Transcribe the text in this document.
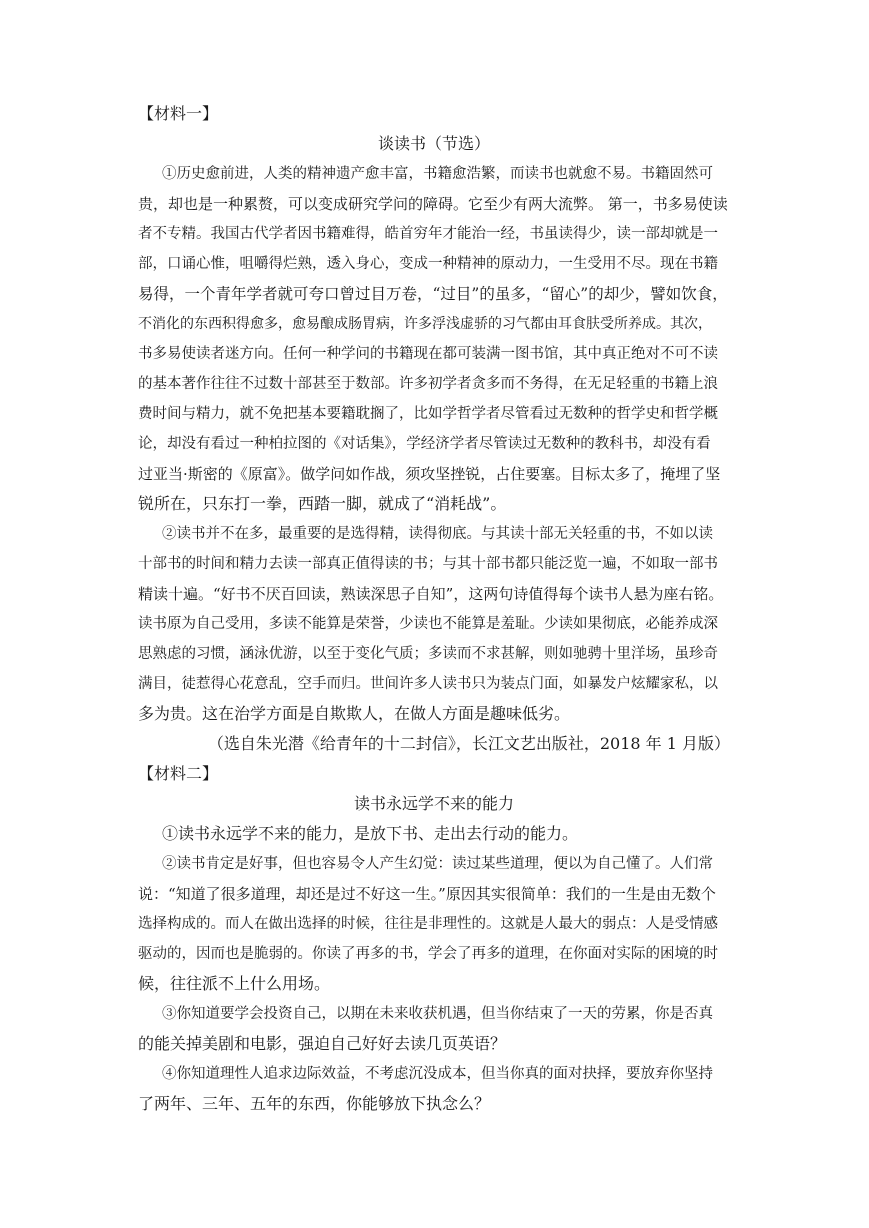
【材料一】
谈读书（节选）
①历史愈前进，人类的精神遗产愈丰富，书籍愈浩繁，而读书也就愈不易。书籍固然可
贵，却也是一种累赘，可以变成研究学问的障碍。它至少有两大流弊。 第一，书多易使读
者不专精。我国古代学者因书籍难得，皓首穷年才能治一经，书虽读得少，读一部却就是一
部，口诵心惟，咀嚼得烂熟，透入身心，变成一种精神的原动力，一生受用不尽。现在书籍
易得，一个青年学者就可夸口曾过目万卷，“过目”的虽多，“留心”的却少，譬如饮食，
不消化的东西积得愈多，愈易酿成肠胃病，许多浮浅虚骄的习气都由耳食肤受所养成。其次，
书多易使读者迷方向。任何一种学问的书籍现在都可装满一图书馆，其中真正绝对不可不读
的基本著作往往不过数十部甚至于数部。许多初学者贪多而不务得，在无足轻重的书籍上浪
费时间与精力，就不免把基本要籍耽搁了，比如学哲学者尽管看过无数种的哲学史和哲学概
论，却没有看过一种柏拉图的《对话集》，学经济学者尽管读过无数种的教科书，却没有看
过亚当·斯密的《原富》。做学问如作战，须攻坚挫锐，占住要塞。目标太多了，掩埋了坚
锐所在，只东打一拳，西踏一脚，就成了“消耗战”。
②读书并不在多，最重要的是选得精，读得彻底。与其读十部无关轻重的书，不如以读
十部书的时间和精力去读一部真正值得读的书；与其十部书都只能泛览一遍，不如取一部书
精读十遍。“好书不厌百回读，熟读深思子自知”，这两句诗值得每个读书人悬为座右铭。
读书原为自己受用，多读不能算是荣誉，少读也不能算是羞耻。少读如果彻底，必能养成深
思熟虑的习惯，涵泳优游，以至于变化气质；多读而不求甚解，则如驰骋十里洋场，虽珍奇
满目，徒惹得心花意乱，空手而归。世间许多人读书只为装点门面，如暴发户炫耀家私，以
多为贵。这在治学方面是自欺欺人，在做人方面是趣味低劣。
（选自朱光潜《给青年的十二封信》，长江文艺出版社，2018 年 1 月版）
【材料二】
读书永远学不来的能力
①读书永远学不来的能力，是放下书、走出去行动的能力。
②读书肯定是好事，但也容易令人产生幻觉：读过某些道理，便以为自己懂了。人们常
说：“知道了很多道理，却还是过不好这一生。”原因其实很简单：我们的一生是由无数个
选择构成的。而人在做出选择的时候，往往是非理性的。这就是人最大的弱点：人是受情感
驱动的，因而也是脆弱的。你读了再多的书，学会了再多的道理，在你面对实际的困境的时
候，往往派不上什么用场。
③你知道要学会投资自己，以期在未来收获机遇，但当你结束了一天的劳累，你是否真
的能关掉美剧和电影，强迫自己好好去读几页英语？
④你知道理性人追求边际效益，不考虑沉没成本，但当你真的面对抉择，要放弃你坚持
了两年、三年、五年的东西，你能够放下执念么？
